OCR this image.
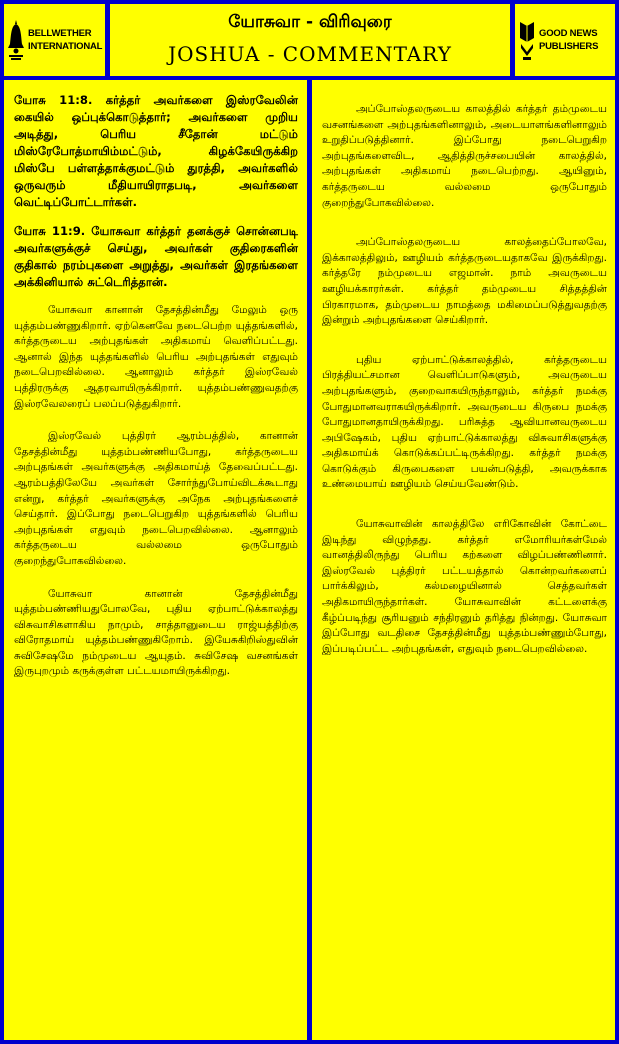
BELLWETHER
INTERNATIONAL
யோசுவா - விரிவுரை
JOSHUA - COMMENTARY
GOOD NEWS
PUBLISHERS

யோசு 11:8. கர்த்தர் அவர்களை இஸ்ரவேலின் கையில் ஒப்புக்கொடுத்தார்; அவர்களை முறிய அடித்து, பெரிய சீதோன் மட்டும் மிஸ்ரேபோத்மாயிம்மட்டும், கிழக்கேயிருக்கிற மிஸ்பே பள்ளத்தாக்குமட்டும் துரத்தி, அவர்களில் ஒருவரும் மீதியாயிராதபடி, அவர்களை வெட்டிப்போட்டார்கள்.

யோசு 11:9. யோசுவா கர்த்தர் தனக்குச் சொன்னபடி அவர்களுக்குச் செய்து, அவர்கள் குதிரைகளின் குதிகால் நரம்புகளை அறுத்து, அவர்கள் இரதங்களை அக்கினியால் சுட்டெரித்தான்.

யோசுவா கானான் தேசத்தின்மீது மேலும் ஒரு யுத்தம்பண்ணுகிறார். ஏற்கெனவே நடைபெற்ற யுத்தங்களில், கர்த்தருடைய அற்புதங்கள் அதிகமாய் வெளிப்பட்டது. ஆனால் இந்த யுத்தங்களில் பெரிய அற்புதங்கள் எதுவும் நடைபெறவில்லை. ஆனாலும் கர்த்தர் இஸ்ரவேல் புத்திரருக்கு ஆதரவாயிருக்கிறார். யுத்தம்பண்ணுவதற்கு இஸ்ரவேலரைப் பலப்படுத்துகிறார்.

இஸ்ரவேல் புத்திரர் ஆரம்பத்தில், கானான் தேசத்தின்மீது யுத்தம்பண்ணியபோது, கர்த்தருடைய அற்புதங்கள் அவர்களுக்கு அதிகமாய்த் தேவைப்பட்டது. ஆரம்பத்திலேயே அவர்கள் சோர்ந்துபோய்விடக்கூடாது என்று, கர்த்தர் அவர்களுக்கு அநேக அற்புதங்களைச் செய்தார். இப்போது நடைபெறுகிற யுத்தங்களில் பெரிய அற்புதங்கள் எதுவும் நடைபெறவில்லை. ஆனாலும் கர்த்தருடைய வல்லமை ஒருபோதும் குறைந்துபோகவில்லை.

யோசுவா கானான் தேசத்தின்மீது யுத்தம்பண்ணியதுபோலவே, புதிய ஏற்பாட்டுக்காலத்து விசுவாசிகளாகிய நாமும், சாத்தானுடைய ராஜ்யத்திற்கு விரோதமாய் யுத்தம்பண்ணுகிறோம். இயேசுகிறிஸ்துவின் சுவிசேஷமே நம்முடைய ஆயுதம். சுவிசேஷ வசனங்கள் இருபுறமும் கருக்குள்ள பட்டயமாயிருக்கிறது.

அப்போஸ்தலருடைய காலத்தில் கர்த்தர் தம்முடைய வசனங்களை அற்புதங்களினாலும், அடையாளங்களினாலும் உறுதிப்படுத்தினார். இப்போது நடைபெறுகிற அற்புதங்களைவிட, ஆதித்திருச்சபையின் காலத்தில், அற்புதங்கள் அதிகமாய் நடைபெற்றது. ஆயினும், கர்த்தருடைய வல்லமை ஒருபோதும் குறைந்துபோகவில்லை.

அப்போஸ்தலருடைய காலத்தைப்போலவே, இக்காலத்திலும், ஊழியம் கர்த்தருடையதாகவே இருக்கிறது. கர்த்தரே நம்முடைய எஜமான். நாம் அவருடைய ஊழியக்காரர்கள். கர்த்தர் தம்முடைய சித்தத்தின் பிரகாரமாக, தம்முடைய நாமத்தை மகிமைப்படுத்துவதற்கு இன்றும் அற்புதங்களை செய்கிறார்.

புதிய ஏற்பாட்டுக்காலத்தில், கர்த்தருடைய பிரத்தியட்சமான வெளிப்பாடுகளும், அவருடைய அற்புதங்களும், குறைவாகயிருந்தாலும், கர்த்தர் நமக்கு போதுமானவராகயிருக்கிறார். அவருடைய கிருபை நமக்கு போதுமானதாயிருக்கிறது. பரிசுத்த ஆவியானவருடைய அபிஷேகம், புதிய ஏற்பாட்டுக்காலத்து விசுவாசிகளுக்கு அதிகமாய்க் கொடுக்கப்பட்டிருக்கிறது. கர்த்தர் நமக்கு கொடுக்கும் கிருபைகளை பயன்படுத்தி, அவருக்காக உண்மையாய் ஊழியம் செய்யவேண்டும்.

யோசுவாவின் காலத்திலே எரிகோவின் கோட்டை இடிந்து விழுந்தது. கர்த்தர் எமோரியர்கள்மேல் வானத்திலிருந்து பெரிய கற்களை விழப்பண்ணினார். இஸ்ரவேல் புத்திரர் பட்டயத்தால் கொன்றவர்களைப் பார்க்கிலும், கல்மழையினால் செத்தவர்கள் அதிகமாயிருந்தார்கள். யோசுவாவின் கட்டளைக்கு கீழ்ப்படிந்து சூரியனும் சந்திரனும் தரித்து நின்றது. யோசுவா இப்போது வடதிசை தேசத்தின்மீது யுத்தம்பண்ணும்போது, இப்படிப்பட்ட அற்புதங்கள், எதுவும் நடைபெறவில்லை.
